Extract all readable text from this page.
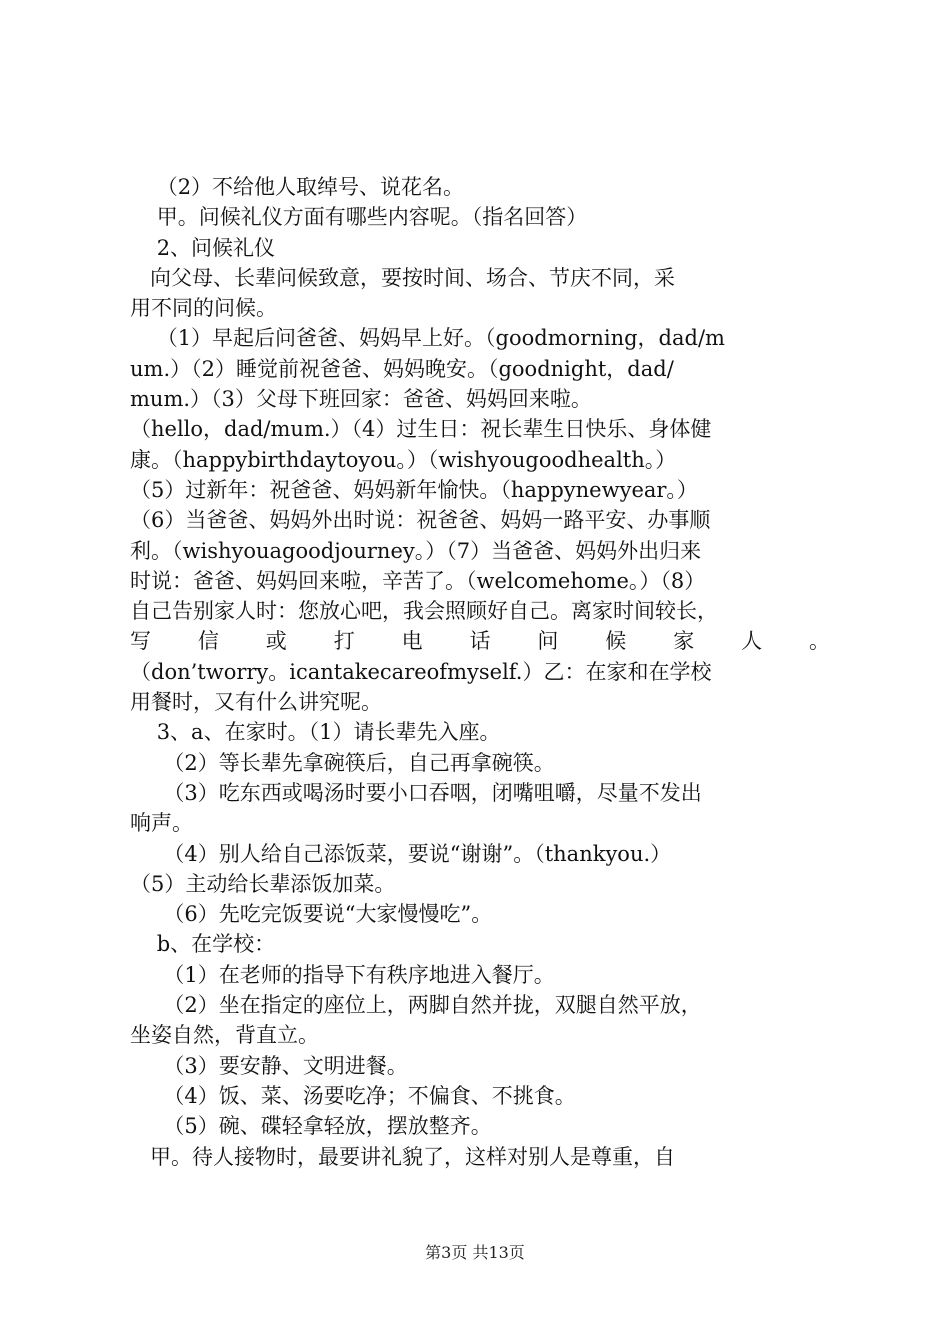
（2）不给他人取绰号、说花名。
甲。问候礼仪方面有哪些内容呢。（指名回答）
2、问候礼仪
向父母、长辈问候致意，要按时间、场合、节庆不同，采
用不同的问候。
（1）早起后问爸爸、妈妈早上好。（goodmorning，dad/m
um.）（2）睡觉前祝爸爸、妈妈晚安。（goodnight，dad/
mum.）（3）父母下班回家：爸爸、妈妈回来啦。
（hello，dad/mum.）（4）过生日：祝长辈生日快乐、身体健
康。（happybirthdaytoyou。）（wishyougoodhealth。）
（5）过新年：祝爸爸、妈妈新年愉快。（happynewyear。）
（6）当爸爸、妈妈外出时说：祝爸爸、妈妈一路平安、办事顺
利。（wishyouagoodjourney。）（7）当爸爸、妈妈外出归来
时说：爸爸、妈妈回来啦，辛苦了。（welcomehome。）（8）
自己告别家人时：您放心吧，我会照顾好自己。离家时间较长，
写 信 或 打 电 话 问 候 家 人 。
（don’tworry。icantakecareofmyself.）乙：在家和在学校
用餐时，又有什么讲究呢。
3、a、在家时。（1）请长辈先入座。
（2）等长辈先拿碗筷后，自己再拿碗筷。
（3）吃东西或喝汤时要小口吞咽，闭嘴咀嚼，尽量不发出
响声。
（4）别人给自己添饭菜，要说“谢谢”。（thankyou.）
（5）主动给长辈添饭加菜。
（6）先吃完饭要说“大家慢慢吃”。
b、在学校：
（1）在老师的指导下有秩序地进入餐厅。
（2）坐在指定的座位上，两脚自然并拢，双腿自然平放，
坐姿自然，背直立。
（3）要安静、文明进餐。
（4）饭、菜、汤要吃净；不偏食、不挑食。
（5）碗、碟轻拿轻放，摆放整齐。
甲。待人接物时，最要讲礼貌了，这样对别人是尊重，自
第3页 共13页
